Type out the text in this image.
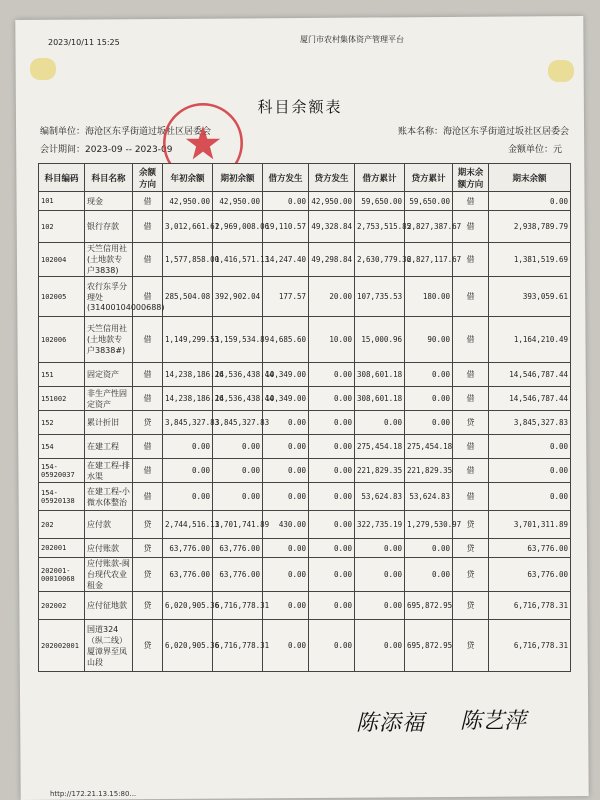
2023/10/11 15:25	厦门市农村集体资产管理平台
科目余额表
编制单位：海沧区东孚街道过坂社区居委会	账本名称：海沧区东孚街道过坂社区居委会
会计期间：2023-09 -- 2023-09	金额单位：元
科目编码	科目名称	余额方向	年初余额	期初余额	借方发生	贷方发生	借方累计	贷方累计	期末余额方向	期末余额
101	现金	借	42,950.00	42,950.00	0.00	42,950.00	59,650.00	59,650.00	借	0.00
102	银行存款	借	3,012,661.61	2,969,008.06	19,110.57	49,328.84	2,753,515.85	2,827,387.67	借	2,938,789.79
102004	天竺信用社(土地款专户3838)	借	1,577,858.00	1,416,571.13	14,247.40	49,298.84	2,630,779.36	2,827,117.67	借	1,381,519.69
102005	农行东孚分理处(31400104000688)	借	285,504.08	392,902.04	177.57	20.00	107,735.53	180.00	借	393,059.61
102006	天竺信用社(土地款专户3838#)	借	1,149,299.53	1,159,534.89	4,685.60	10.00	15,000.96	90.00	借	1,164,210.49
151	固定资产	借	14,238,186.26	14,536,438.44	10,349.00	0.00	308,601.18	0.00	借	14,546,787.44
151002	非生产性固定资产	借	14,238,186.26	14,536,438.44	10,349.00	0.00	308,601.18	0.00	借	14,546,787.44
152	累计折旧	贷	3,845,327.83	3,845,327.83	0.00	0.00	0.00	0.00	贷	3,845,327.83
154	在建工程	借	0.00	0.00	0.00	0.00	275,454.18	275,454.18	借	0.00
154-05920037	在建工程-排水渠	借	0.00	0.00	0.00	0.00	221,829.35	221,829.35	借	0.00
154-05920138	在建工程-小微水体整治	借	0.00	0.00	0.00	0.00	53,624.83	53,624.83	借	0.00
202	应付款	贷	2,744,516.11	3,701,741.89	430.00	0.00	322,735.19	1,279,530.97	贷	3,701,311.89
202001	应付账款	贷	63,776.00	63,776.00	0.00	0.00	0.00	0.00	贷	63,776.00
202001-00010068	应付账款-闽台现代农业租金	贷	63,776.00	63,776.00	0.00	0.00	0.00	0.00	贷	63,776.00
202002	应付征地款	贷	6,020,905.36	6,716,778.31	0.00	0.00	0.00	695,872.95	贷	6,716,778.31
202002001	国道324（纵二线）厦漳界至凤山段	贷	6,020,905.36	6,716,778.31	0.00	0.00	0.00	695,872.95	贷	6,716,778.31
陈添福 陈艺萍
http://172.21.13.15:80...
